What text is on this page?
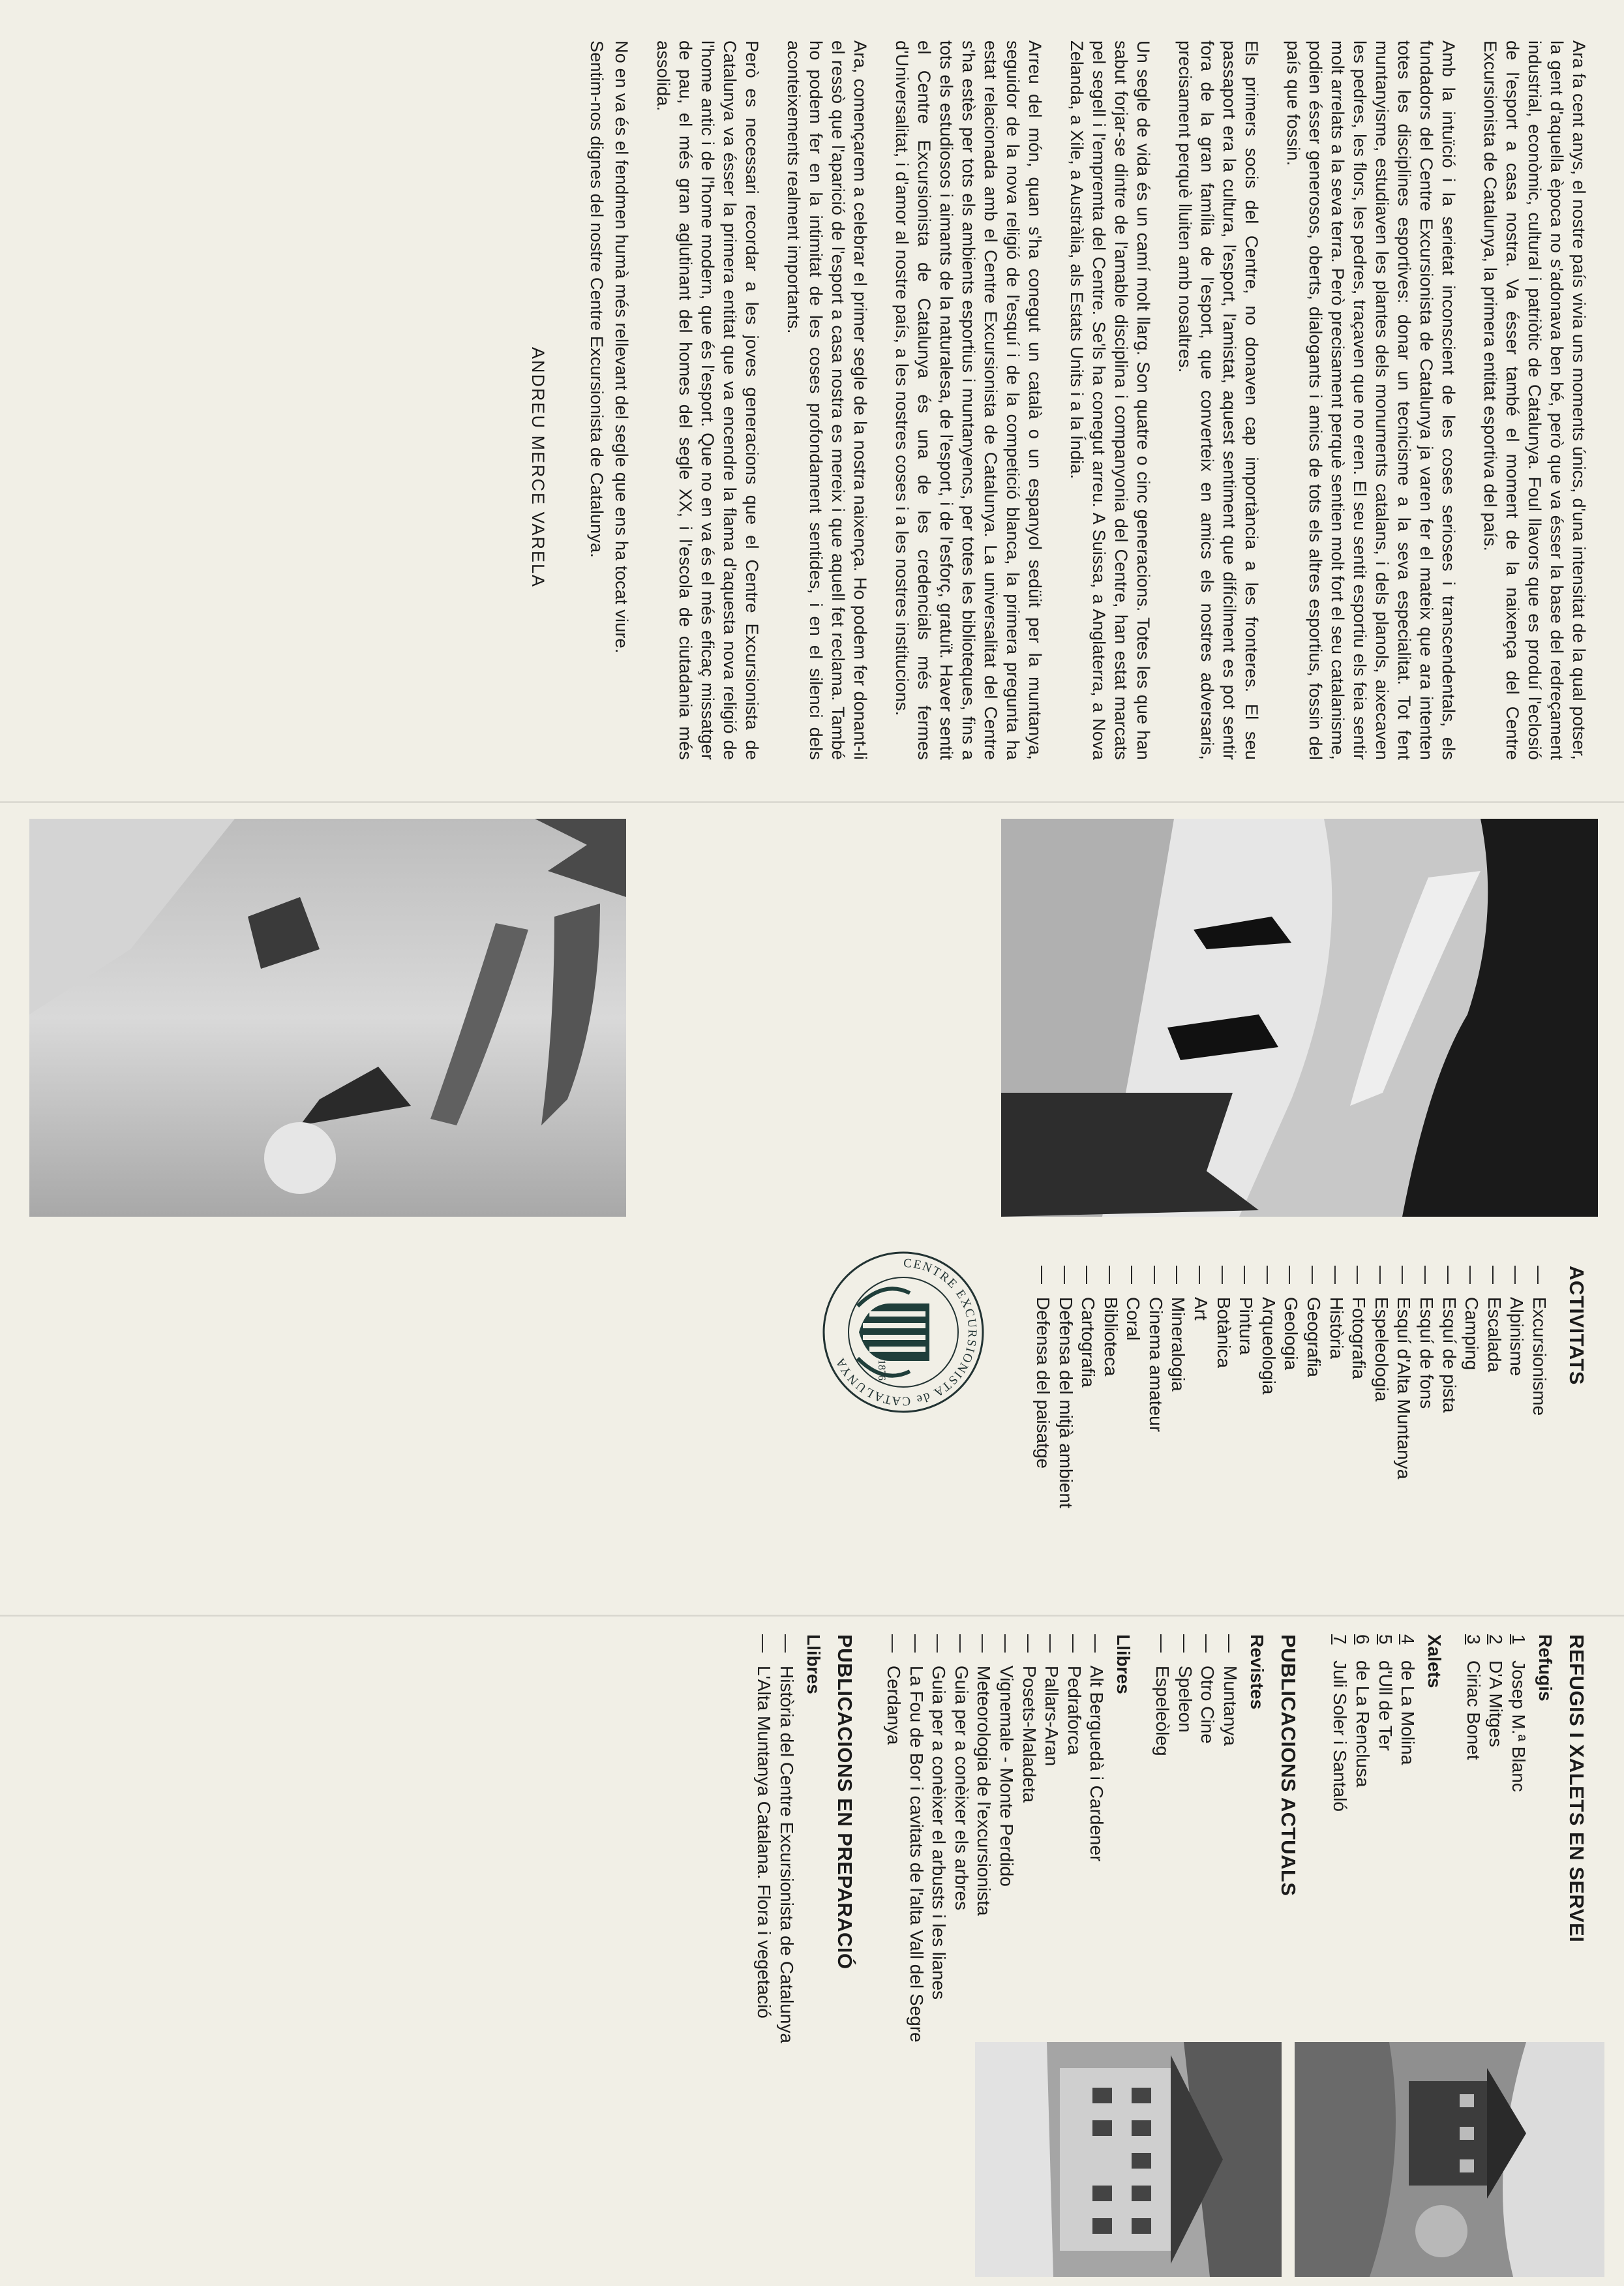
Ara fa cent anys, el nostre país vivia uns moments únics, d'una intensitat de la qual potser, la gent d'aquella època no s'adonava ben bé, però que va ésser la base del redreçament industrial, econòmic, cultural i patriòtic de Catalunya. Foul llavors que es produí l'eclosió de l'esport a casa nostra. Va ésser també el moment de la naixença del Centre Excursionista de Catalunya, la primera entitat esportiva del país.

Amb la intuïció i la serietat inconscient de les coses serioses i transcendentals, els fundadors del Centre Excursionista de Catalunya ja varen fer el mateix que ara intenten totes les disciplines esportives: donar un tecnicisme a la seva especialitat. Tot fent muntanyisme, estudiaven les plantes dels monuments catalans, i dels planols, aixecaven les pedres, les flors, les pedres, traçaven que no eren. El seu sentit esportiu els feia sentir molt arrelats a la seva terra. Però precisament perquè sentien molt fort el seu catalanisme, podien ésser generosos, oberts, dialogants i amics de tots els altres esportius, fossin del país que fossin.

Els primers socis del Centre, no donaven cap importància a les fronteres. El seu passaport era la cultura, l'esport, l'amistat, aquest sentiment que difícilment es pot sentir fora de la gran família de l'esport, que converteix en amics els nostres adversaris, precisament perquè lluiten amb nosaltres.

Un segle de vida és un camí molt llarg. Son quatre o cinc generacions. Totes les que han sabut forjar-se dintre de l'amable disciplina i companyonia del Centre, han estat marcats pel segell i l'empremta del Centre. Se'ls ha conegut arreu. A Suissa, a Anglaterra, a Nova Zelanda, a Xile, a Austràlia, als Estats Units i a la Índia.

Arreu del món, quan s'ha conegut un català o un espanyol sedüit per la muntanya, seguidor de la nova religió de l'esquí i de la competició blanca, la primera pregunta ha estat relacionada amb el Centre Excursionista de Catalunya. La universalitat del Centre s'ha estès per tots els ambients esportius i muntanyencs, per totes les biblioteques, fins a tots els estudiosos i aimants de la naturalesa, de l'esport, i de l'esforç, gratuït. Haver sentit el Centre Excursionista de Catalunya és una de les credencials més fermes d'Universalitat, i d'amor al nostre país, a les nostres coses i a les nostres institucions.

Ara, començarem a celebrar el primer segle de la nostra naixença. Ho podem fer donant-li el ressò que l'aparició de l'esport a casa nostra es mereix i que aquell fet reclama. També ho podem fer en la intimitat de les coses profondament sentides, i en el silenci dels aconteixements realment importants.

Però es necessari recordar a les joves generacions que el Centre Excursionista de Catalunya va ésser la primera entitat que va encendre la flama d'aquesta nova religió de l'home antic i de l'home modern, que és l'esport. Que no en va és el més eficaç missatger de pau, el més gran aglutinant del homes del segle XX, i l'escola de ciutadania més assolida.

No en va és el fendmen humà més rellevant del segle que ens ha tocat viure.

Sentim-nos dignes del nostre Centre Excursionista de Catalunya.

ANDREU MERCE VARELA
CENTRE EXCURSIONISTA de CATALUNYA	1876	ACTIVITATS
—Excursionisme
—Alpinisme
—Escalada
—Camping
—Esquí de pista
—Esquí de fons
—Esquí d'Alta Muntanya
—Espeleologia
—Fotografia
—Història
—Geografia
—Geologia
—Arqueologia
—Pintura
—Botànica
—Art
—Mineralogia
—Cinema amateur
—Coral
—Biblioteca
—Cartografia
—Defensa del mitjà ambient
—Defensa del paisatge
REFUGIS I XALETS EN SERVEI
Refugis
1Josep M.ª Blanc
2D'A Mitges
3Ciriac Bonet
Xalets
4de La Molina
5d'Ull de Ter
6de La Renclusa
7Juli Soler i Santaló
PUBLICACIONS ACTUALS
Revistes
—Muntanya
—Otro Cine
—Speleon
—Espeleòleg
Llibres
—Alt Berguedà i Cardener
—Pedraforca
—Pallars-Aran
—Posets-Maladeta
—Vignemale - Monte Perdido
—Meteorologia de l'excursionista
—Guia per a conèixer els arbres
—Guia per a conèixer el arbusts i les lianes
—La Fou de Bor i cavitats de l'alta Vall del Segre
—Cerdanya
PUBLICACIONS EN PREPARACIÓ
Llibres
—Història del Centre Excursionista de Catalunya
—L'Alta Muntanya Catalana. Flora i vegetació
